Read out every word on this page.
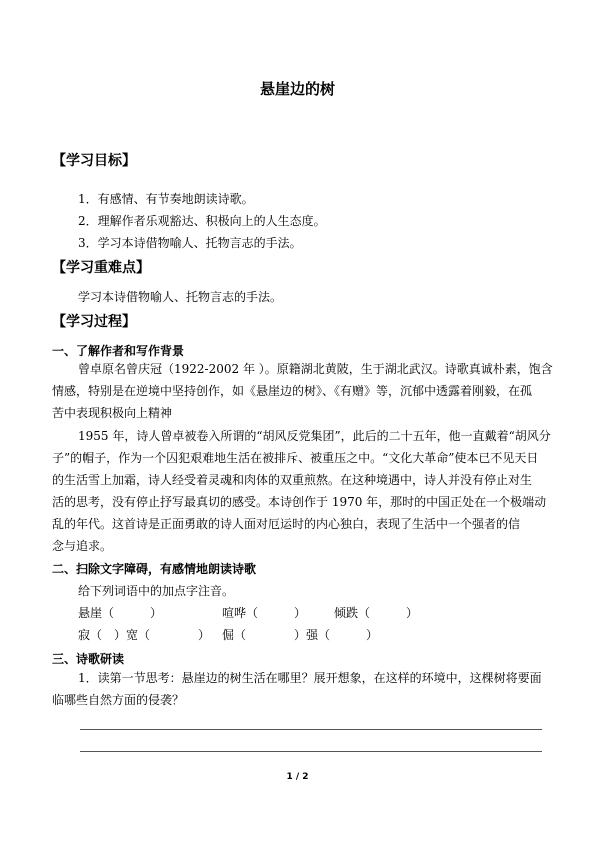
悬崖边的树
【学习目标】
1．有感情、有节奏地朗读诗歌。
2．理解作者乐观豁达、积极向上的人生态度。
3．学习本诗借物喻人、托物言志的手法。
【学习重难点】
学习本诗借物喻人、托物言志的手法。
【学习过程】
一、了解作者和写作背景
曾卓原名曾庆冠（1922-2002 年 ）。原籍湖北黄陂，生于湖北武汉。诗歌真诚朴素，饱含
情感，特别是在逆境中坚持创作，如《悬崖边的树》、《有赠》等，沉郁中透露着刚毅，在孤
苦中表现积极向上精神
1955 年，诗人曾卓被卷入所谓的“胡风反党集团”，此后的二十五年，他一直戴着“胡风分
子”的帽子，作为一个囚犯艰难地生活在被排斥、被重压之中。“文化大革命”使本已不见天日
的生活雪上加霜，诗人经受着灵魂和肉体的双重煎熬。在这种境遇中，诗人并没有停止对生
活的思考，没有停止抒写最真切的感受。本诗创作于 1970 年，那时的中国正处在一个极端动
乱的年代。这首诗是正面勇敢的诗人面对厄运时的内心独白，表现了生活中一个强者的信
念与追求。
二、扫除文字障碍，有感情地朗读诗歌
给下列词语中的加点字注音。
悬崖（　　　）	喧哗（　　　） 倾跌（　　　）
寂（　）宽（　　　　） 倔（　　　　）强（　　　）
三、诗歌研读
1．读第一节思考：悬崖边的树生活在哪里？展开想象，在这样的环境中，这棵树将要面
临哪些自然方面的侵袭？
1 / 2
